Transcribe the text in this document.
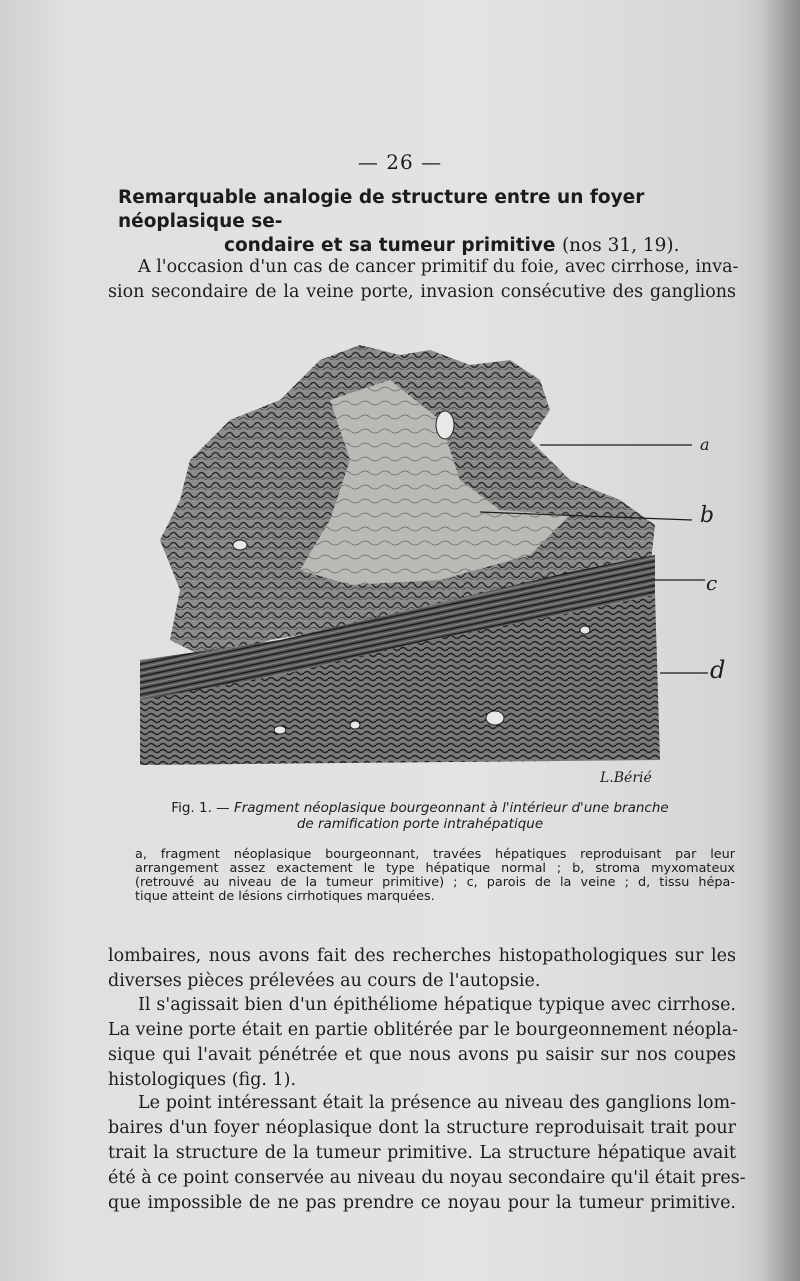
— 26 —
Remarquable analogie de structure entre un foyer néoplasique se-
condaire et sa tumeur primitive (nos 31, 19).
A l'occasion d'un cas de cancer primitif du foie, avec cirrhose, inva-
sion secondaire de la veine porte, invasion consécutive des ganglions
a
b
c
d
L.Bérié
Fig. 1. — Fragment néoplasique bourgeonnant à l'intérieur d'une branche
de ramification porte intrahépatique
a, fragment néoplasique bourgeonnant, travées hépatiques reproduisant par leur
arrangement assez exactement le type hépatique normal ; b, stroma myxomateux
(retrouvé au niveau de la tumeur primitive) ; c, parois de la veine ; d, tissu hépa-
tique atteint de lésions cirrhotiques marquées.
lombaires, nous avons fait des recherches histopathologiques sur les
diverses pièces prélevées au cours de l'autopsie.
Il s'agissait bien d'un épithéliome hépatique typique avec cirrhose.
La veine porte était en partie oblitérée par le bourgeonnement néopla-
sique qui l'avait pénétrée et que nous avons pu saisir sur nos coupes
histologiques (fig. 1).
Le point intéressant était la présence au niveau des ganglions lom-
baires d'un foyer néoplasique dont la structure reproduisait trait pour
trait la structure de la tumeur primitive. La structure hépatique avait
été à ce point conservée au niveau du noyau secondaire qu'il était pres-
que impossible de ne pas prendre ce noyau pour la tumeur primitive.
